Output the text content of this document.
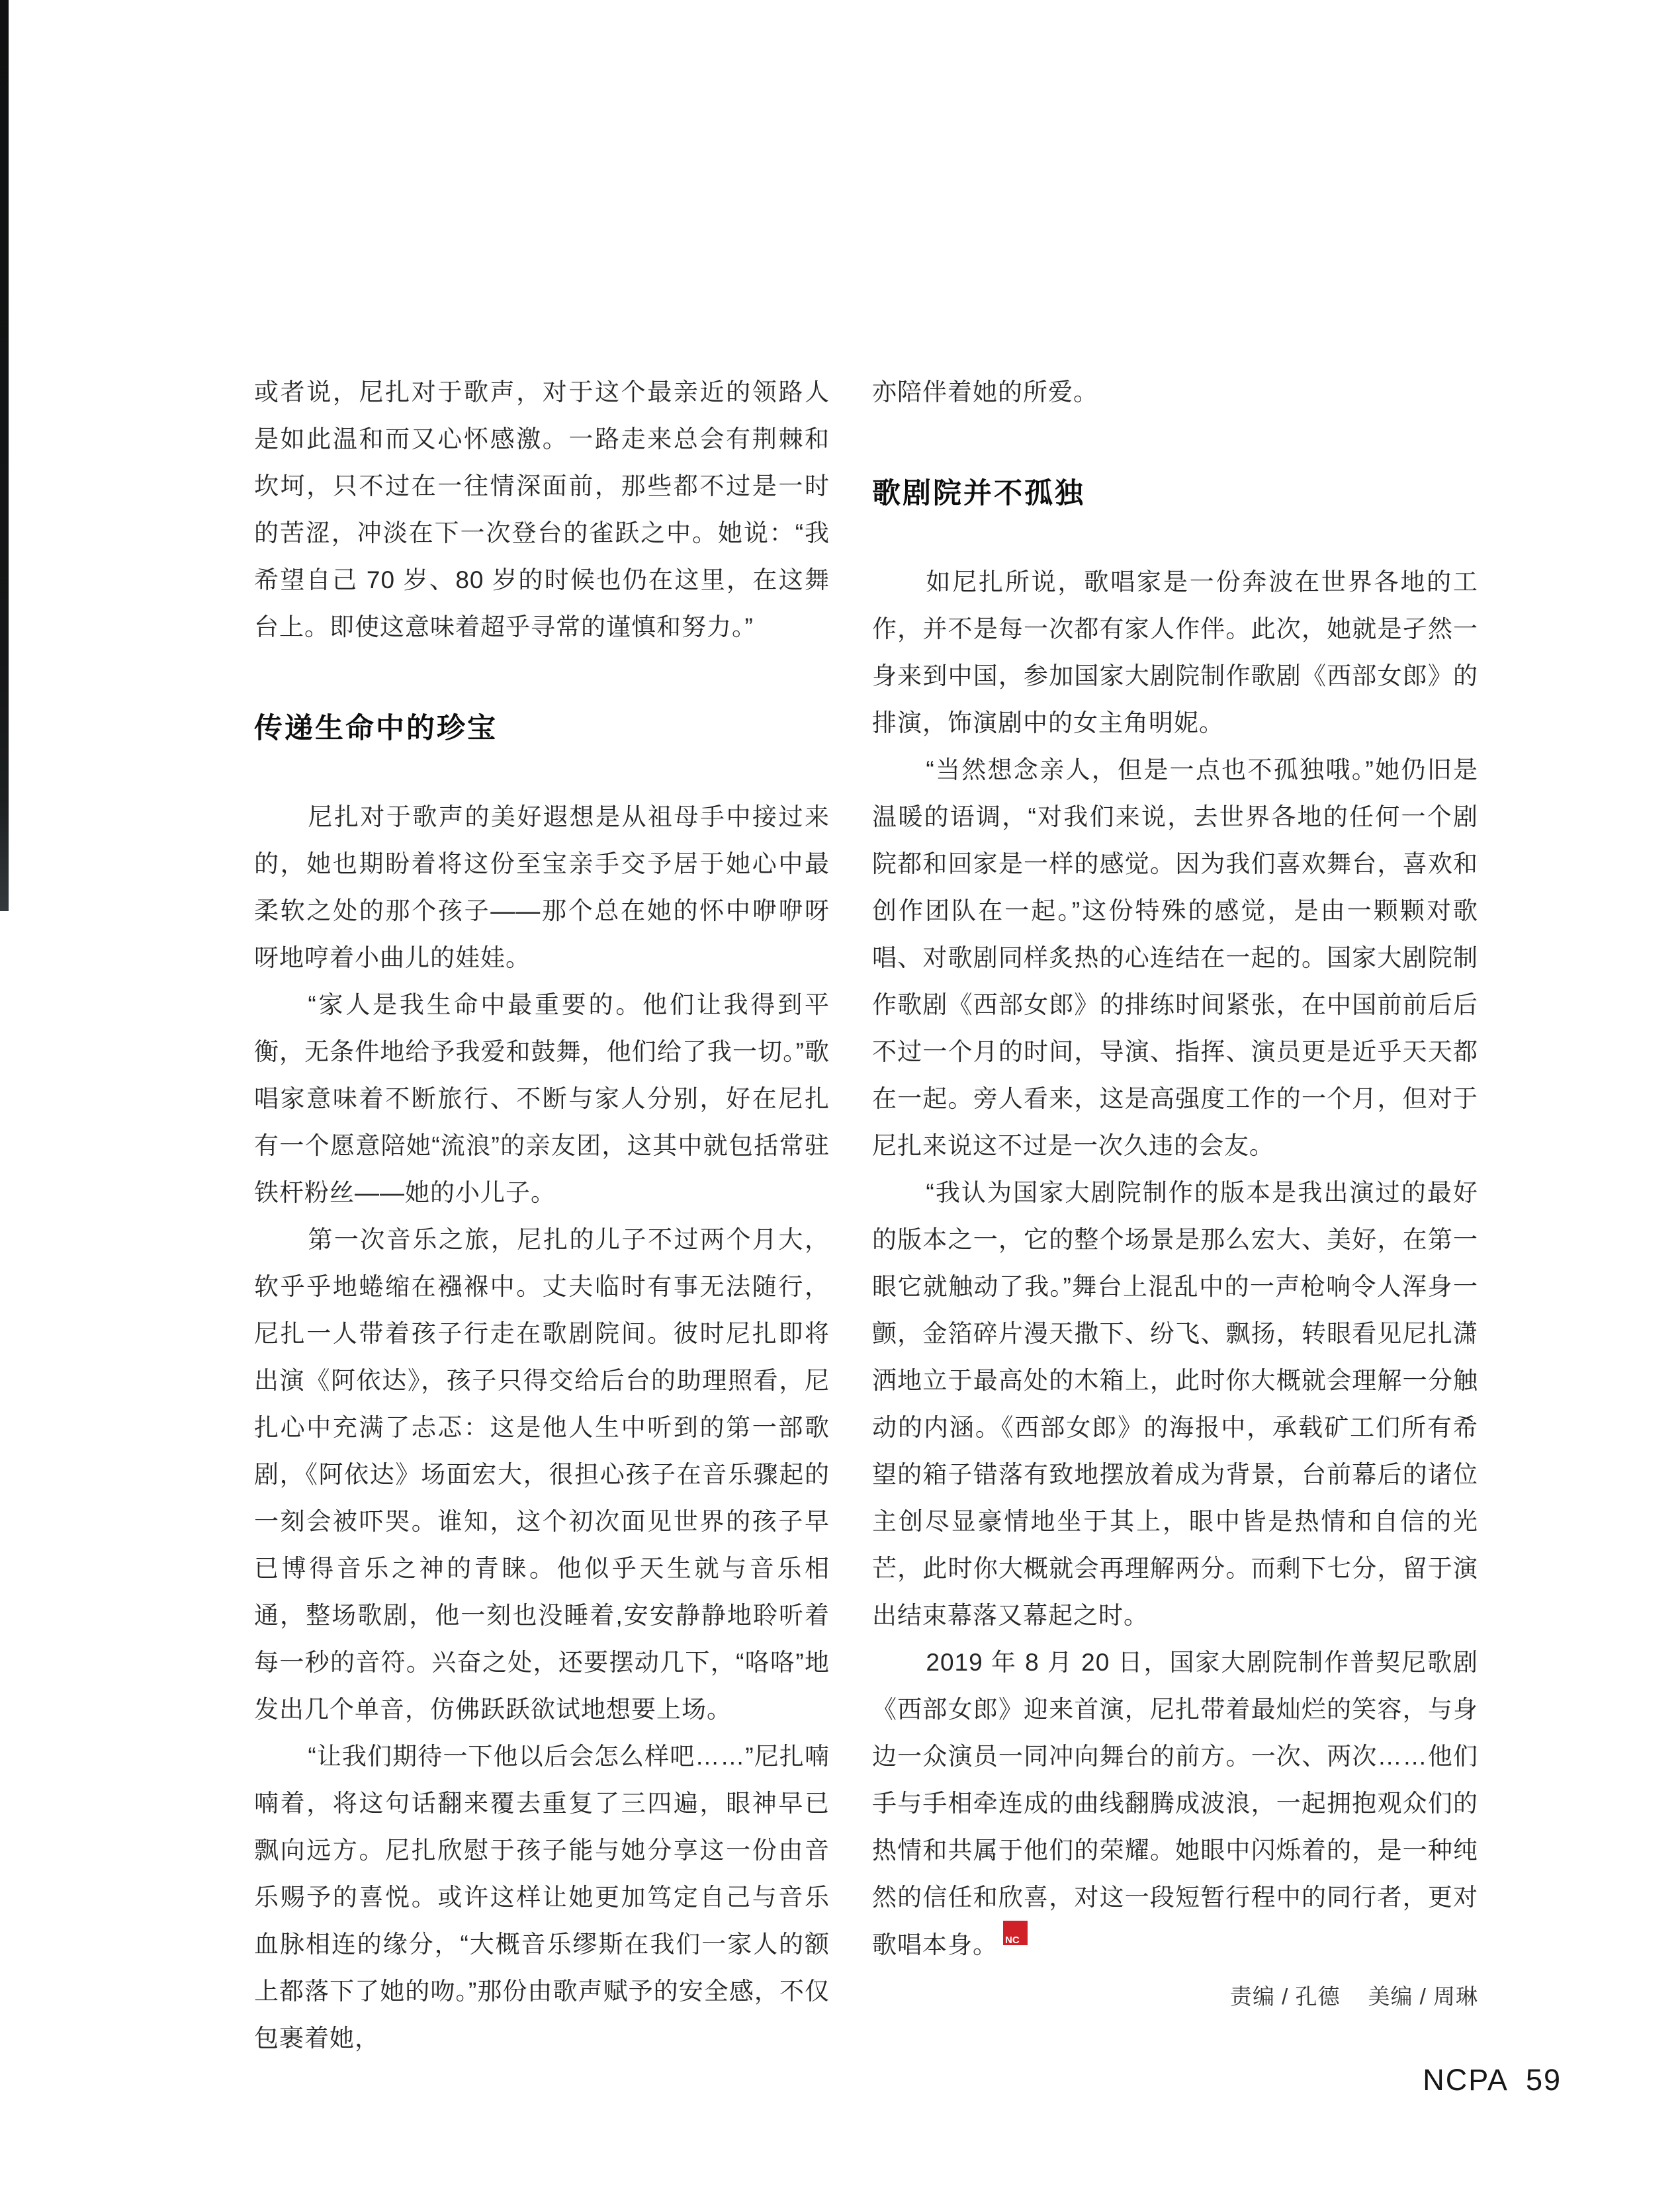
或者说，尼扎对于歌声，对于这个最亲近的领路人是如此温和而又心怀感激。一路走来总会有荆棘和坎坷，只不过在一往情深面前，那些都不过是一时的苦涩，冲淡在下一次登台的雀跃之中。她说：“我希望自己 70 岁、80 岁的时候也仍在这里，在这舞台上。即使这意味着超乎寻常的谨慎和努力。”

传递生命中的珍宝

尼扎对于歌声的美好遐想是从祖母手中接过来的，她也期盼着将这份至宝亲手交予居于她心中最柔软之处的那个孩子——那个总在她的怀中咿咿呀呀地哼着小曲儿的娃娃。

“家人是我生命中最重要的。他们让我得到平衡，无条件地给予我爱和鼓舞，他们给了我一切。”歌唱家意味着不断旅行、不断与家人分别，好在尼扎有一个愿意陪她“流浪”的亲友团，这其中就包括常驻铁杆粉丝——她的小儿子。

第一次音乐之旅，尼扎的儿子不过两个月大，软乎乎地蜷缩在襁褓中。丈夫临时有事无法随行，尼扎一人带着孩子行走在歌剧院间。彼时尼扎即将出演《阿依达》，孩子只得交给后台的助理照看，尼扎心中充满了忐忑：这是他人生中听到的第一部歌剧，《阿依达》场面宏大，很担心孩子在音乐骤起的一刻会被吓哭。谁知，这个初次面见世界的孩子早已博得音乐之神的青睐。他似乎天生就与音乐相通，整场歌剧，他一刻也没睡着,安安静静地聆听着每一秒的音符。兴奋之处，还要摆动几下，“咯咯”地发出几个单音，仿佛跃跃欲试地想要上场。

“让我们期待一下他以后会怎么样吧……”尼扎喃喃着，将这句话翻来覆去重复了三四遍，眼神早已飘向远方。尼扎欣慰于孩子能与她分享这一份由音乐赐予的喜悦。或许这样让她更加笃定自己与音乐血脉相连的缘分，“大概音乐缪斯在我们一家人的额上都落下了她的吻。”那份由歌声赋予的安全感，不仅包裹着她，

亦陪伴着她的所爱。

歌剧院并不孤独

如尼扎所说，歌唱家是一份奔波在世界各地的工作，并不是每一次都有家人作伴。此次，她就是孑然一身来到中国，参加国家大剧院制作歌剧《西部女郎》的排演，饰演剧中的女主角明妮。

“当然想念亲人，但是一点也不孤独哦。”她仍旧是温暖的语调，“对我们来说，去世界各地的任何一个剧院都和回家是一样的感觉。因为我们喜欢舞台，喜欢和创作团队在一起。”这份特殊的感觉，是由一颗颗对歌唱、对歌剧同样炙热的心连结在一起的。国家大剧院制作歌剧《西部女郎》的排练时间紧张，在中国前前后后不过一个月的时间，导演、指挥、演员更是近乎天天都在一起。旁人看来，这是高强度工作的一个月，但对于尼扎来说这不过是一次久违的会友。

“我认为国家大剧院制作的版本是我出演过的最好的版本之一，它的整个场景是那么宏大、美好，在第一眼它就触动了我。”舞台上混乱中的一声枪响令人浑身一颤，金箔碎片漫天撒下、纷飞、飘扬，转眼看见尼扎潇洒地立于最高处的木箱上，此时你大概就会理解一分触动的内涵。《西部女郎》的海报中，承载矿工们所有希望的箱子错落有致地摆放着成为背景，台前幕后的诸位主创尽显豪情地坐于其上，眼中皆是热情和自信的光芒，此时你大概就会再理解两分。而剩下七分，留于演出结束幕落又幕起之时。

2019 年 8 月 20 日，国家大剧院制作普契尼歌剧《西部女郎》迎来首演，尼扎带着最灿烂的笑容，与身边一众演员一同冲向舞台的前方。一次、两次……他们手与手相牵连成的曲线翻腾成波浪，一起拥抱观众们的热情和共属于他们的荣耀。她眼中闪烁着的，是一种纯然的信任和欣喜，对这一段短暂行程中的同行者，更对歌唱本身。 $\frac{NC}{PA}$

责编 / 孔德 美编 / 周琳
NCPA 59
